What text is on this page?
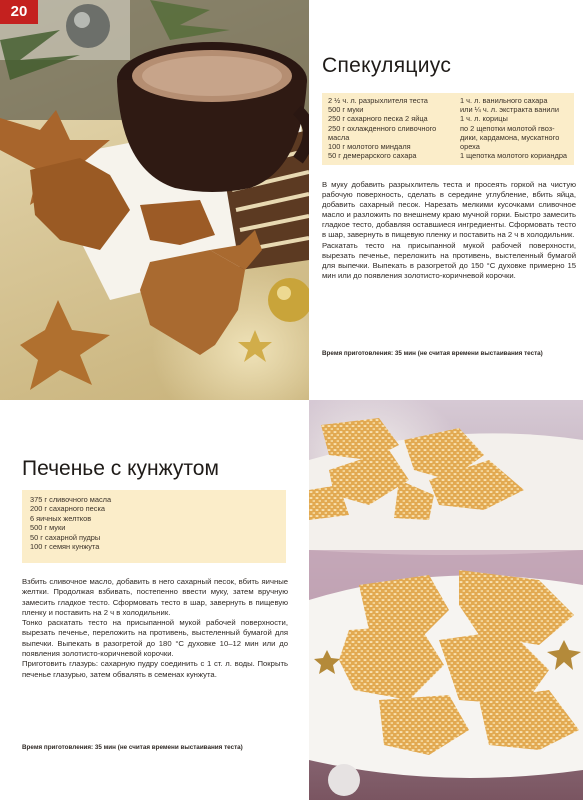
20
Спекуляциус
2 ½ ч. л. разрыхлителя теста
500 г муки
250 г сахарного песка 2 яйца
250 г охлажденного сливочного
масла
100 г молотого миндаля
50 г демерарского сахара
1 ч. л. ванильного сахара
или ¼ ч. л. экстракта ванили
1 ч. л. корицы
по 2 щепотки молотой гвоз-
дики, кардамона, мускатного
ореха
1 щепотка молотого кориандра

В муку добавить разрыхлитель теста и просеять горкой на чистую рабочую поверхность, сделать в середине углубление, вбить яйца, добавить сахарный песок. Нарезать мелкими кусочками сливочное масло и разложить по внешнему краю мучной горки. Быстро замесить гладкое тесто, добавляя оставшиеся ингредиенты. Сформовать тесто в шар, завернуть в пищевую пленку и поставить на 2 ч в холодильник.

Раскатать тесто на присыпанной мукой рабочей поверхности, вырезать печенье, переложить на противень, выстеленный бумагой для выпечки. Выпекать в разогретой до 150 °С духовке примерно 15 мин или до появления золотисто-коричневой корочки.

Время приготовления: 35 мин (не считая времени выстаивания теста)
Печенье с кунжутом
375 г сливочного масла
200 г сахарного песка
6 яичных желтков
500 г муки
50 г сахарной пудры
100 г семян кунжута

Взбить сливочное масло, добавить в него сахарный песок, вбить яичные желтки. Продолжая взбивать, постепенно ввести муку, затем вручную замесить гладкое тесто. Сформовать тесто в шар, завернуть в пищевую пленку и поставить на 2 ч в холодильник.

Тонко раскатать тесто на присыпанной мукой рабочей поверхности, вырезать печенье, переложить на противень, выстеленный бумагой для выпечки. Выпекать в разогретой до 180 °С духовке 10–12 мин или до появления золотисто-коричневой корочки.

Приготовить глазурь: сахарную пудру соединить с 1 ст. л. воды. Покрыть печенье глазурью, затем обвалять в семенах кунжута.

Время приготовления: 35 мин (не считая времени выстаивания теста)
